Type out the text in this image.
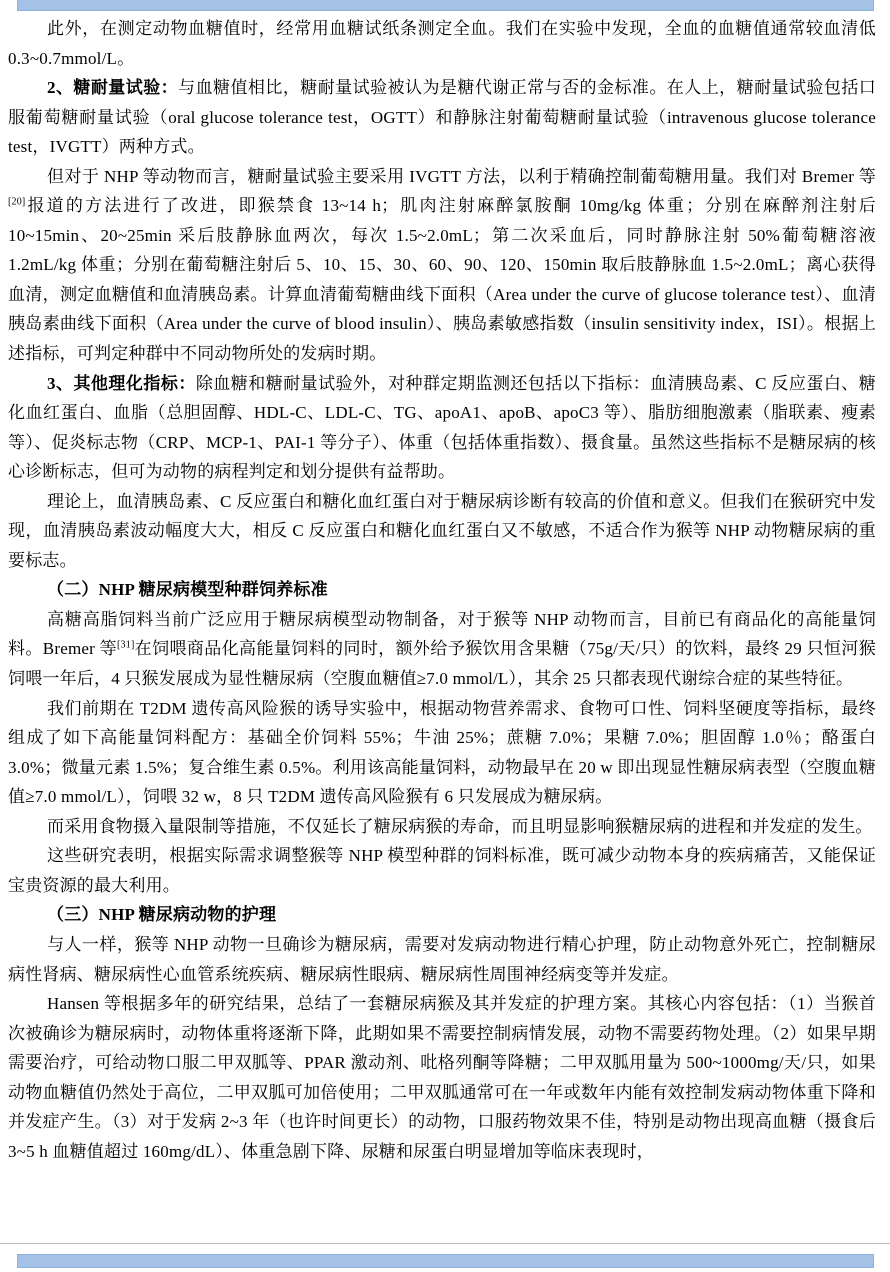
此外，在测定动物血糖值时，经常用血糖试纸条测定全血。我们在实验中发现，全血的血糖值通常较血清低 0.3~0.7mmol/L。

2、糖耐量试验：与血糖值相比，糖耐量试验被认为是糖代谢正常与否的金标准。在人上，糖耐量试验包括口服葡萄糖耐量试验（oral glucose tolerance test，OGTT）和静脉注射葡萄糖耐量试验（intravenous glucose tolerance test，IVGTT）两种方式。

但对于 NHP 等动物而言，糖耐量试验主要采用 IVGTT 方法，以利于精确控制葡萄糖用量。我们对 Bremer 等[20]报道的方法进行了改进，即猴禁食 13~14 h；肌肉注射麻醉氯胺酮 10mg/kg 体重；分别在麻醉剂注射后 10~15min、20~25min 采后肢静脉血两次，每次 1.5~2.0mL；第二次采血后，同时静脉注射 50%葡萄糖溶液 1.2mL/kg 体重；分别在葡萄糖注射后 5、10、15、30、60、90、120、150min 取后肢静脉血 1.5~2.0mL；离心获得血清，测定血糖值和血清胰岛素。计算血清葡萄糖曲线下面积（Area under the curve of glucose tolerance test）、血清胰岛素曲线下面积（Area under the curve of blood insulin）、胰岛素敏感指数（insulin sensitivity index，ISI）。根据上述指标，可判定种群中不同动物所处的发病时期。

3、其他理化指标：除血糖和糖耐量试验外，对种群定期监测还包括以下指标：血清胰岛素、C 反应蛋白、糖化血红蛋白、血脂（总胆固醇、HDL-C、LDL-C、TG、apoA1、apoB、apoC3 等）、脂肪细胞激素（脂联素、瘦素等）、促炎标志物（CRP、MCP-1、PAI-1 等分子）、体重（包括体重指数）、摄食量。虽然这些指标不是糖尿病的核心诊断标志，但可为动物的病程判定和划分提供有益帮助。

理论上，血清胰岛素、C 反应蛋白和糖化血红蛋白对于糖尿病诊断有较高的价值和意义。但我们在猴研究中发现，血清胰岛素波动幅度大大，相反 C 反应蛋白和糖化血红蛋白又不敏感，不适合作为猴等 NHP 动物糖尿病的重要标志。

（二）NHP 糖尿病模型种群饲养标准

高糖高脂饲料当前广泛应用于糖尿病模型动物制备，对于猴等 NHP 动物而言，目前已有商品化的高能量饲料。Bremer 等[31]在饲喂商品化高能量饲料的同时，额外给予猴饮用含果糖（75g/天/只）的饮料，最终 29 只恒河猴饲喂一年后，4 只猴发展成为显性糖尿病（空腹血糖值≥7.0 mmol/L），其余 25 只都表现代谢综合症的某些特征。

我们前期在 T2DM 遗传高风险猴的诱导实验中，根据动物营养需求、食物可口性、饲料坚硬度等指标，最终组成了如下高能量饲料配方：基础全价饲料 55%；牛油 25%；蔗糖 7.0%；果糖 7.0%；胆固醇 1.0％；酪蛋白 3.0%；微量元素 1.5%；复合维生素 0.5%。利用该高能量饲料，动物最早在 20 w 即出现显性糖尿病表型（空腹血糖值≥7.0 mmol/L），饲喂 32 w，8 只 T2DM 遗传高风险猴有 6 只发展成为糖尿病。

而采用食物摄入量限制等措施，不仅延长了糖尿病猴的寿命，而且明显影响猴糖尿病的进程和并发症的发生。

这些研究表明，根据实际需求调整猴等 NHP 模型种群的饲料标准，既可减少动物本身的疾病痛苦，又能保证宝贵资源的最大利用。

（三）NHP 糖尿病动物的护理

与人一样，猴等 NHP 动物一旦确诊为糖尿病，需要对发病动物进行精心护理，防止动物意外死亡，控制糖尿病性肾病、糖尿病性心血管系统疾病、糖尿病性眼病、糖尿病性周围神经病变等并发症。

Hansen 等根据多年的研究结果，总结了一套糖尿病猴及其并发症的护理方案。其核心内容包括：（1）当猴首次被确诊为糖尿病时，动物体重将逐渐下降，此期如果不需要控制病情发展，动物不需要药物处理。（2）如果早期需要治疗，可给动物口服二甲双胍等、PPAR 激动剂、吡格列酮等降糖；二甲双胍用量为 500~1000mg/天/只，如果动物血糖值仍然处于高位，二甲双胍可加倍使用；二甲双胍通常可在一年或数年内能有效控制发病动物体重下降和并发症产生。（3）对于发病 2~3 年（也许时间更长）的动物，口服药物效果不佳，特别是动物出现高血糖（摄食后 3~5 h 血糖值超过 160mg/dL）、体重急剧下降、尿糖和尿蛋白明显增加等临床表现时，
